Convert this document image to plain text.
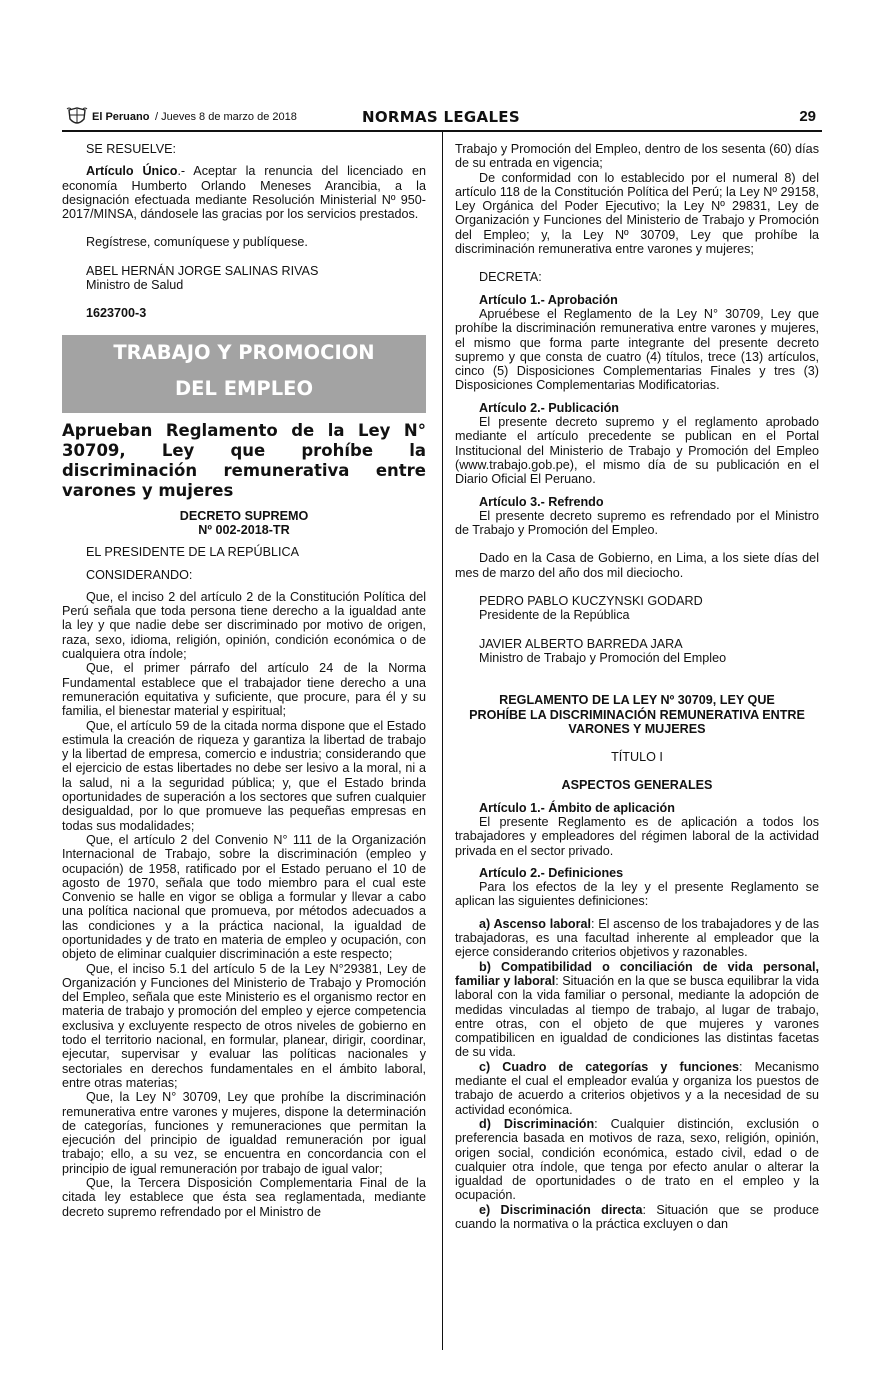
El Peruano / Jueves 8 de marzo de 2018	NORMAS LEGALES	29

SE RESUELVE:

Artículo Único.- Aceptar la renuncia del licenciado en economía Humberto Orlando Meneses Arancibia, a la designación efectuada mediante Resolución Ministerial Nº 950-2017/MINSA, dándosele las gracias por los servicios prestados.

Regístrese, comuníquese y publíquese.

ABEL HERNÁN JORGE SALINAS RIVAS

Ministro de Salud

1623700-3

TRABAJO Y PROMOCION
DEL EMPLEO
Aprueban Reglamento de la Ley N° 30709, Ley que prohíbe la discriminación remunerativa entre varones y mujeres

DECRETO SUPREMO

Nº 002-2018-TR

EL PRESIDENTE DE LA REPÚBLICA

CONSIDERANDO:

Que, el inciso 2 del artículo 2 de la Constitución Política del Perú señala que toda persona tiene derecho a la igualdad ante la ley y que nadie debe ser discriminado por motivo de origen, raza, sexo, idioma, religión, opinión, condición económica o de cualquiera otra índole;

Que, el primer párrafo del artículo 24 de la Norma Fundamental establece que el trabajador tiene derecho a una remuneración equitativa y suficiente, que procure, para él y su familia, el bienestar material y espiritual;

Que, el artículo 59 de la citada norma dispone que el Estado estimula la creación de riqueza y garantiza la libertad de trabajo y la libertad de empresa, comercio e industria; considerando que el ejercicio de estas libertades no debe ser lesivo a la moral, ni a la salud, ni a la seguridad pública; y, que el Estado brinda oportunidades de superación a los sectores que sufren cualquier desigualdad, por lo que promueve las pequeñas empresas en todas sus modalidades;

Que, el artículo 2 del Convenio N° 111 de la Organización Internacional de Trabajo, sobre la discriminación (empleo y ocupación) de 1958, ratificado por el Estado peruano el 10 de agosto de 1970, señala que todo miembro para el cual este Convenio se halle en vigor se obliga a formular y llevar a cabo una política nacional que promueva, por métodos adecuados a las condiciones y a la práctica nacional, la igualdad de oportunidades y de trato en materia de empleo y ocupación, con objeto de eliminar cualquier discriminación a este respecto;

Que, el inciso 5.1 del artículo 5 de la Ley N°29381, Ley de Organización y Funciones del Ministerio de Trabajo y Promoción del Empleo, señala que este Ministerio es el organismo rector en materia de trabajo y promoción del empleo y ejerce competencia exclusiva y excluyente respecto de otros niveles de gobierno en todo el territorio nacional, en formular, planear, dirigir, coordinar, ejecutar, supervisar y evaluar las políticas nacionales y sectoriales en derechos fundamentales en el ámbito laboral, entre otras materias;

Que, la Ley N° 30709, Ley que prohíbe la discriminación remunerativa entre varones y mujeres, dispone la determinación de categorías, funciones y remuneraciones que permitan la ejecución del principio de igualdad remuneración por igual trabajo; ello, a su vez, se encuentra en concordancia con el principio de igual remuneración por trabajo de igual valor;

Que, la Tercera Disposición Complementaria Final de la citada ley establece que ésta sea reglamentada, mediante decreto supremo refrendado por el Ministro de

Trabajo y Promoción del Empleo, dentro de los sesenta (60) días de su entrada en vigencia;

De conformidad con lo establecido por el numeral 8) del artículo 118 de la Constitución Política del Perú; la Ley Nº 29158, Ley Orgánica del Poder Ejecutivo; la Ley Nº 29831, Ley de Organización y Funciones del Ministerio de Trabajo y Promoción del Empleo; y, la Ley Nº 30709, Ley que prohíbe la discriminación remunerativa entre varones y mujeres;

DECRETA:

Artículo 1.- Aprobación

Apruébese el Reglamento de la Ley N° 30709, Ley que prohíbe la discriminación remunerativa entre varones y mujeres, el mismo que forma parte integrante del presente decreto supremo y que consta de cuatro (4) títulos, trece (13) artículos, cinco (5) Disposiciones Complementarias Finales y tres (3) Disposiciones Complementarias Modificatorias.

Artículo 2.- Publicación

El presente decreto supremo y el reglamento aprobado mediante el artículo precedente se publican en el Portal Institucional del Ministerio de Trabajo y Promoción del Empleo (www.trabajo.gob.pe), el mismo día de su publicación en el Diario Oficial El Peruano.

Artículo 3.- Refrendo

El presente decreto supremo es refrendado por el Ministro de Trabajo y Promoción del Empleo.

Dado en la Casa de Gobierno, en Lima, a los siete días del mes de marzo del año dos mil dieciocho.

PEDRO PABLO KUCZYNSKI GODARD

Presidente de la República

JAVIER ALBERTO BARREDA JARA

Ministro de Trabajo y Promoción del Empleo

REGLAMENTO DE LA LEY Nº 30709, LEY QUE PROHÍBE LA DISCRIMINACIÓN REMUNERATIVA ENTRE VARONES Y MUJERES

TÍTULO I

ASPECTOS GENERALES

Artículo 1.- Ámbito de aplicación

El presente Reglamento es de aplicación a todos los trabajadores y empleadores del régimen laboral de la actividad privada en el sector privado.

Artículo 2.- Definiciones

Para los efectos de la ley y el presente Reglamento se aplican las siguientes definiciones:

a) Ascenso laboral: El ascenso de los trabajadores y de las trabajadoras, es una facultad inherente al empleador que la ejerce considerando criterios objetivos y razonables.

b) Compatibilidad o conciliación de vida personal, familiar y laboral: Situación en la que se busca equilibrar la vida laboral con la vida familiar o personal, mediante la adopción de medidas vinculadas al tiempo de trabajo, al lugar de trabajo, entre otras, con el objeto de que mujeres y varones compatibilicen en igualdad de condiciones las distintas facetas de su vida.

c) Cuadro de categorías y funciones: Mecanismo mediante el cual el empleador evalúa y organiza los puestos de trabajo de acuerdo a criterios objetivos y a la necesidad de su actividad económica.

d) Discriminación: Cualquier distinción, exclusión o preferencia basada en motivos de raza, sexo, religión, opinión, origen social, condición económica, estado civil, edad o de cualquier otra índole, que tenga por efecto anular o alterar la igualdad de oportunidades o de trato en el empleo y la ocupación.

e) Discriminación directa: Situación que se produce cuando la normativa o la práctica excluyen o dan
